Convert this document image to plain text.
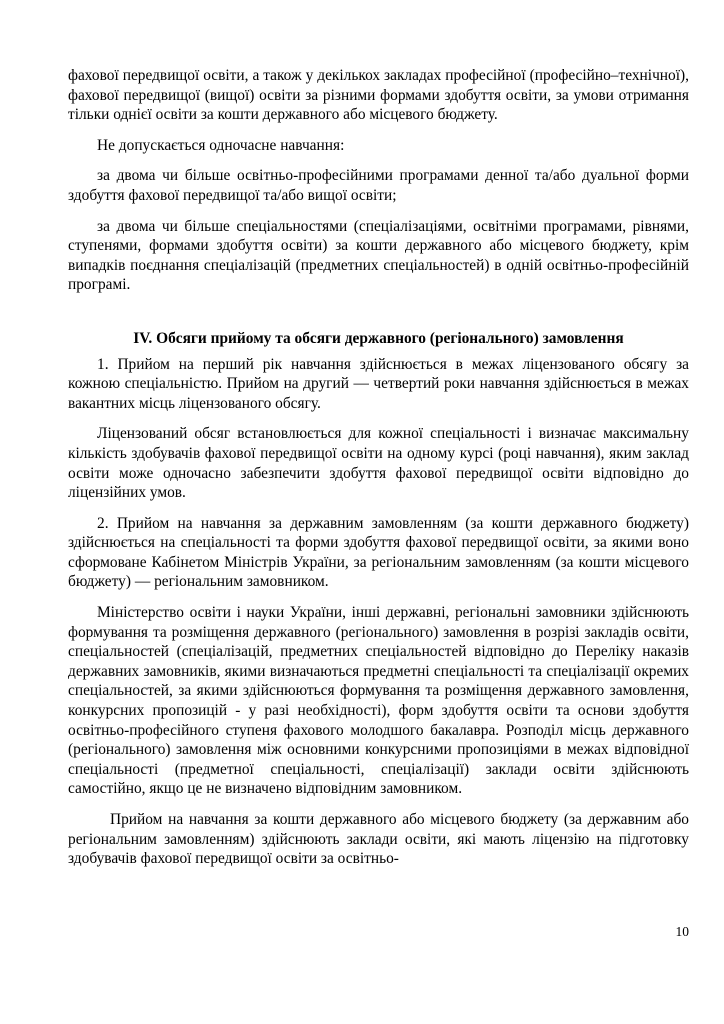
фахової передвищої освіти, а також у декількох закладах професійної (професійно–технічної), фахової передвищої (вищої) освіти за різними формами здобуття освіти, за умови отримання тільки однієї освіти за кошти державного або місцевого бюджету.

Не допускається одночасне навчання:

за двома чи більше освітньо-професійними програмами денної та/або дуальної форми здобуття фахової передвищої та/або вищої освіти;

за двома чи більше спеціальностями (спеціалізаціями, освітніми програмами, рівнями, ступенями, формами здобуття освіти) за кошти державного або місцевого бюджету, крім випадків поєднання спеціалізацій (предметних спеціальностей) в одній освітньо-професійній програмі.

IV. Обсяги прийому та обсяги державного (регіонального) замовлення

1. Прийом на перший рік навчання здійснюється в межах ліцензованого обсягу за кожною спеціальністю. Прийом на другий — четвертий роки навчання здійснюється в межах вакантних місць ліцензованого обсягу.

Ліцензований обсяг встановлюється для кожної спеціальності і визначає максимальну кількість здобувачів фахової передвищої освіти на одному курсі (році навчання), яким заклад освіти може одночасно забезпечити здобуття фахової передвищої освіти відповідно до ліцензійних умов.

2. Прийом на навчання за державним замовленням (за кошти державного бюджету) здійснюється на спеціальності та форми здобуття фахової передвищої освіти, за якими воно сформоване Кабінетом Міністрів України, за регіональним замовленням (за кошти місцевого бюджету) — регіональним замовником.

Міністерство освіти і науки України, інші державні, регіональні замовники здійснюють формування та розміщення державного (регіонального) замовлення в розрізі закладів освіти, спеціальностей (спеціалізацій, предметних спеціальностей відповідно до Переліку наказів державних замовників, якими визначаються предметні спеціальності та спеціалізації окремих спеціальностей, за якими здійснюються формування та розміщення державного замовлення, конкурсних пропозицій - у разі необхідності), форм здобуття освіти та основи здобуття освітньо-професійного ступеня фахового молодшого бакалавра. Розподіл місць державного (регіонального) замовлення між основними конкурсними пропозиціями в межах відповідної спеціальності (предметної спеціальності, спеціалізації) заклади освіти здійснюють самостійно, якщо це не визначено відповідним замовником.

Прийом на навчання за кошти державного або місцевого бюджету (за державним або регіональним замовленням) здійснюють заклади освіти, які мають ліцензію на підготовку здобувачів фахової передвищої освіти за освітньо-

10
